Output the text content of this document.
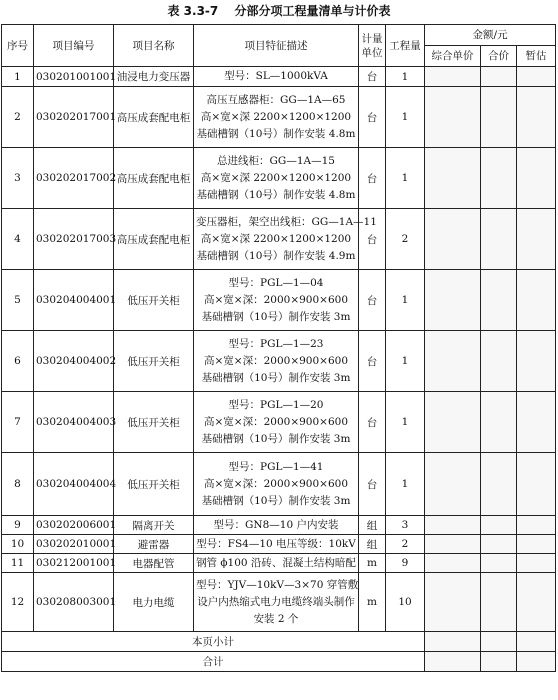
表 3.3-7 分部分项工程量清单与计价表
序号	项目编号	项目名称	项目特征描述	计量单位	工程量	金额/元		
						综合单价	合价	暂估
1	030201001001	油浸电力变压器	型号：SL—1000kVA	台	1			
2	030202017001	高压成套配电柜	高压互感器柜：GG—1A—65
高×宽×深 2200×1200×1200
基础槽钢（10号）制作安装 4.8m	台	1			
3	030202017002	高压成套配电柜	总进线柜：GG—1A—15
高×宽×深 2200×1200×1200
基础槽钢（10号）制作安装 4.8m	台	1			
4	030202017003	高压成套配电柜	变压器柜，架空出线柜：GG—1A—11
高×宽×深 2200×1200×1200
基础槽钢（10号）制作安装 4.9m	台	2			
5	030204004001	低压开关柜	型号：PGL—1—04
高×宽×深：2000×900×600
基础槽钢（10号）制作安装 3m	台	1			
6	030204004002	低压开关柜	型号：PGL—1—23
高×宽×深：2000×900×600
基础槽钢（10号）制作安装 3m	台	1			
7	030204004003	低压开关柜	型号：PGL—1—20
高×宽×深：2000×900×600
基础槽钢（10号）制作安装 3m	台	1			
8	030204004004	低压开关柜	型号：PGL—1—41
高×宽×深：2000×900×600
基础槽钢（10号）制作安装 3m	台	1			
9	030202006001	隔离开关	型号：GN8—10 户内安装	组	3			
10	030202010001	避雷器	型号：FS4—10 电压等级：10kV	组	2			
11	030212001001	电器配管	钢管 ϕ100 沿砖、混凝土结构暗配	m	9			
12	030208003001	电力电缆	型号：YJV—10kV—3×70 穿管敷
设户内热缩式电力电缆终端头制作
安装 2 个	m	10			
本页小计								
合计								
